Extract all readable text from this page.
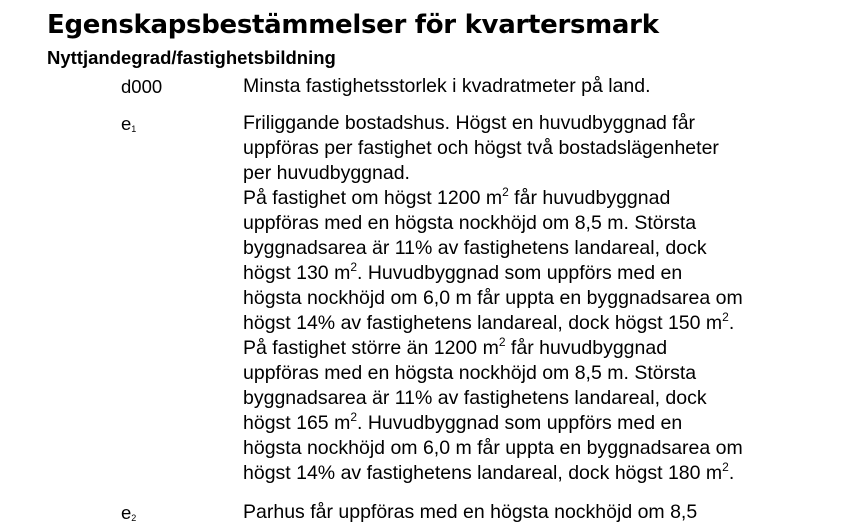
Egenskapsbestämmelser för kvartersmark
Nyttjandegrad/fastighetsbildning
d000	Minsta fastighetsstorlek i kvadratmeter på land.
$e_1$	Friliggande bostadshus. Högst en huvudbyggnad får
uppföras per fastighet och högst två bostadslägenheter
per huvudbyggnad.
På fastighet om högst 1200 $m^2$ får huvudbyggnad
uppföras med en högsta nockhöjd om 8,5 m. Största
byggnadsarea är 11% av fastighetens landareal, dock
högst 130 $m^2$. Huvudbyggnad som uppförs med en
högsta nockhöjd om 6,0 m får uppta en byggnadsarea om
högst 14% av fastighetens landareal, dock högst 150 $m^2$.
På fastighet större än 1200 $m^2$ får huvudbyggnad
uppföras med en högsta nockhöjd om 8,5 m. Största
byggnadsarea är 11% av fastighetens landareal, dock
högst 165 $m^2$. Huvudbyggnad som uppförs med en
högsta nockhöjd om 6,0 m får uppta en byggnadsarea om
högst 14% av fastighetens landareal, dock högst 180 $m^2$.
$e_2$	Parhus får uppföras med en högsta nockhöjd om 8,5
